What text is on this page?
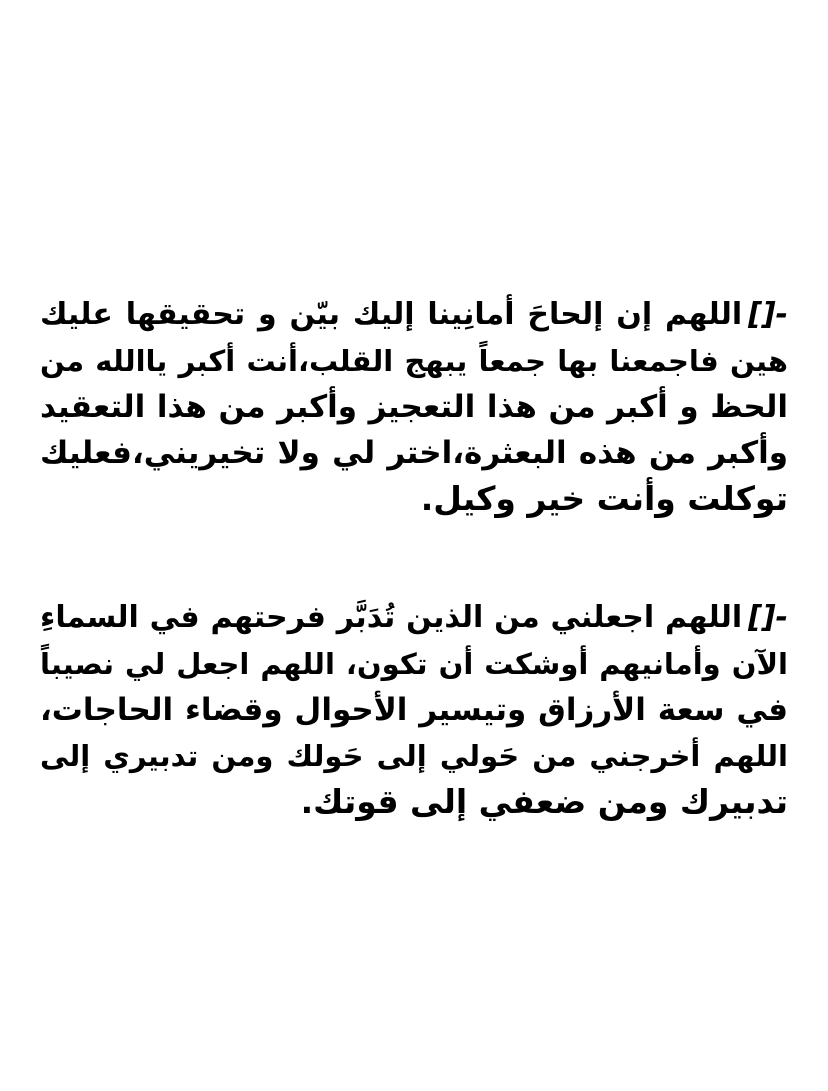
-[]اللهم إن إلحاحَ أمانِينا إليك بيّن و تحقيقها عليك
هين فاجمعنا بها جمعاً يبهج القلب،أنت أكبر ياالله من
الحظ و أكبر من هذا التعجيز وأكبر من هذا التعقيد
وأكبر من هذه البعثرة،اختر لي ولا تخيريني،فعليك
توكلت وأنت خير وكيل.
-[]اللهم اجعلني من الذين تُدَبَّر فرحتهم في السماءِ
الآن وأمانيهم أوشكت أن تكون، اللهم اجعل لي نصيباً
في سعة الأرزاق وتيسير الأحوال وقضاء الحاجات،
اللهم أخرجني من حَولي إلى حَولك ومن تدبيري إلى
تدبيرك ومن ضعفي إلى قوتك.
